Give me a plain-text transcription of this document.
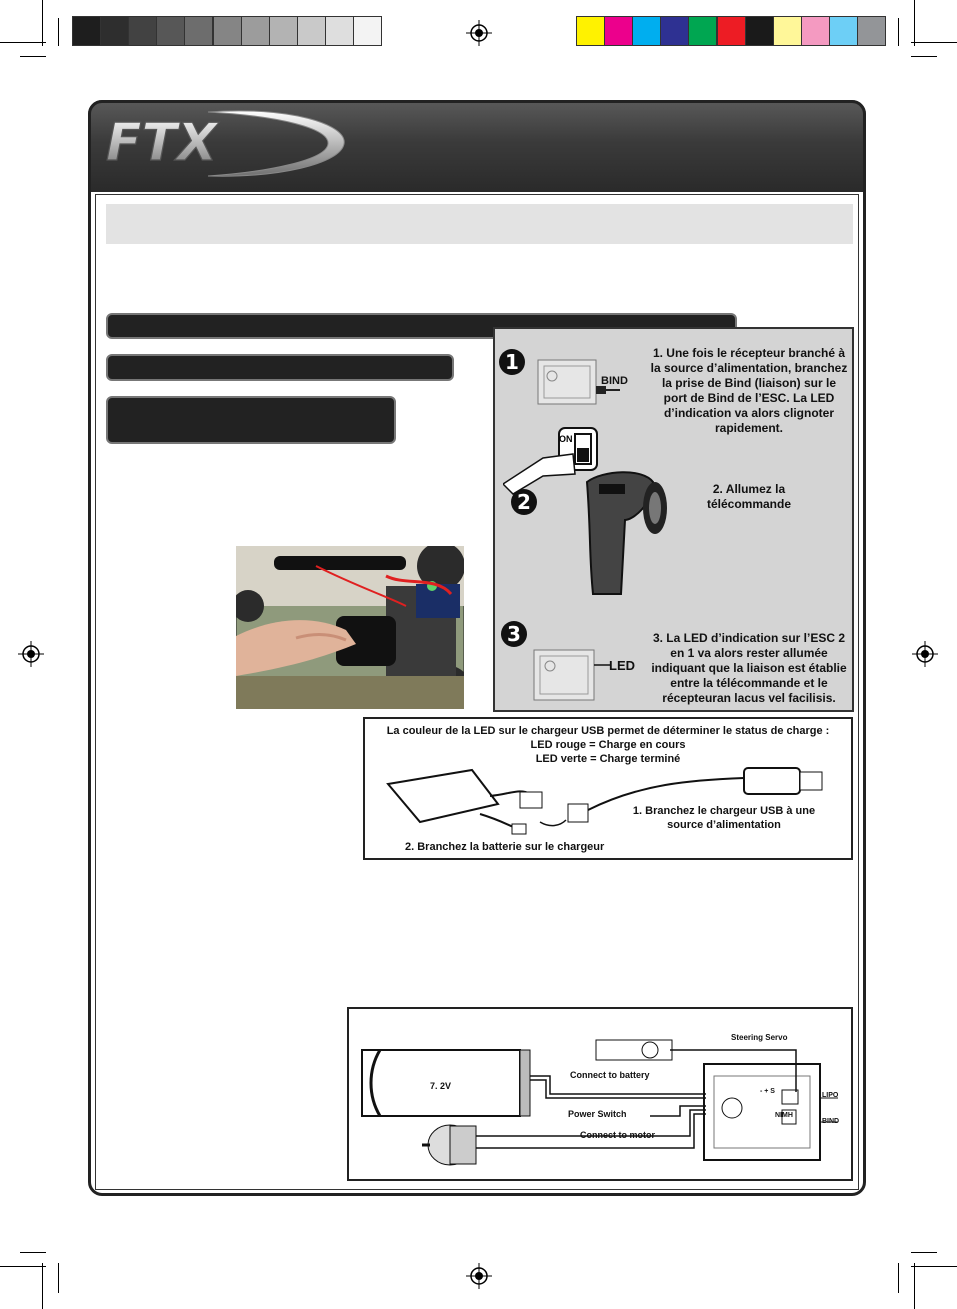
FTX
1
BIND
1. Une fois le récepteur branché à la source d’alimentation, branchez la prise de Bind (liaison) sur le port de Bind de l’ESC. La LED d’indication va alors clignoter rapidement.
2
ON
2. Allumez la télécommande
3
LED
3. La LED d’indication sur l’ESC 2 en 1 va alors rester allumée indiquant que la liaison est établie entre la télécommande et le récepteuran lacus vel facilisis.
La couleur de la LED sur le chargeur USB permet de déterminer le status de charge :
LED rouge = Charge en cours
LED verte = Charge terminé
1. Branchez le chargeur USB à une source d’alimentation
2. Branchez la batterie sur le chargeur
7. 2V
Steering Servo
Connect to battery
Power Switch
Connect to motor
- + S
LIPO
NIMH
BIND
